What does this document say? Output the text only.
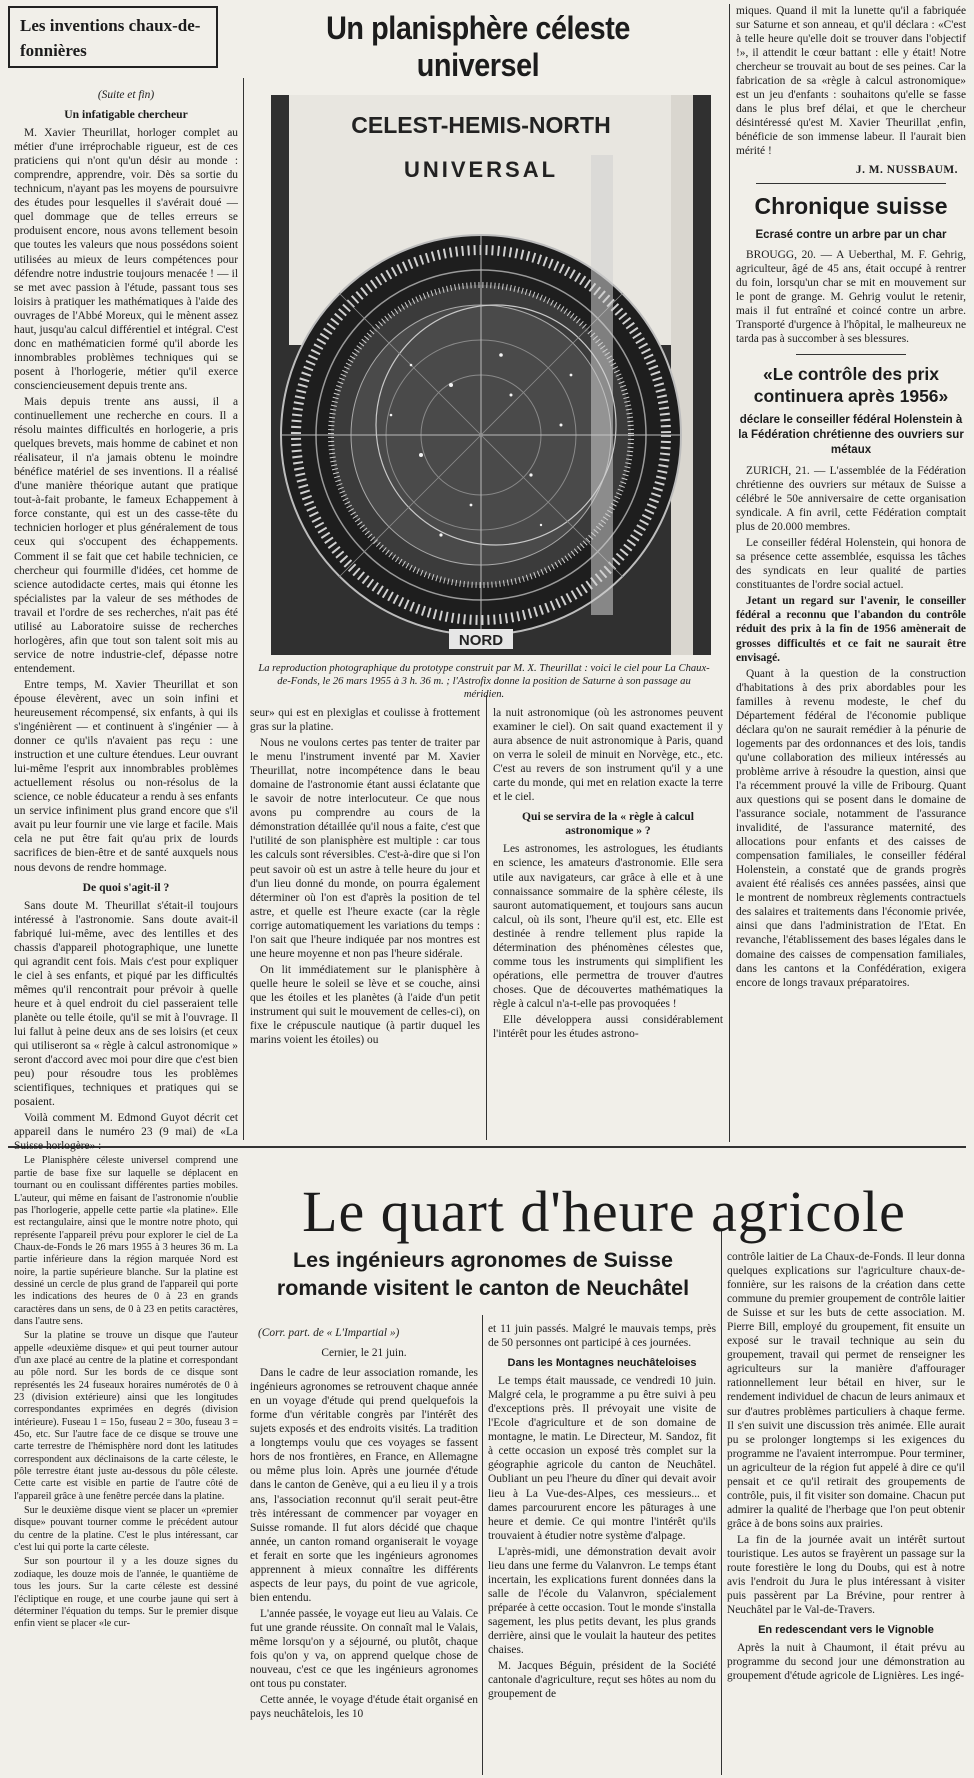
Les inventions chaux-de-fonnières
Un planisphère céleste universel
(Suite et fin)
Un infatigable chercheur

M. Xavier Theurillat, horloger complet au métier d'une irréprochable rigueur, est de ces praticiens qui n'ont qu'un désir au monde : comprendre, apprendre, voir. Dès sa sortie du technicum, n'ayant pas les moyens de poursuivre des études pour lesquelles il s'avérait doué — quel dommage que de telles erreurs se produisent encore, nous avons tellement besoin que toutes les valeurs que nous possédons soient utilisées au mieux de leurs compétences pour défendre notre industrie toujours menacée ! — il se met avec passion à l'étude, passant tous ses loisirs à pratiquer les mathématiques à l'aide des ouvrages de l'Abbé Moreux, qui le mènent assez haut, jusqu'au calcul différentiel et intégral. C'est donc en mathématicien formé qu'il aborde les innombrables problèmes techniques qui se posent à l'horlogerie, métier qu'il exerce consciencieusement depuis trente ans.

Mais depuis trente ans aussi, il a continuellement une recherche en cours. Il a résolu maintes difficultés en horlogerie, a pris quelques brevets, mais homme de cabinet et non réalisateur, il n'a jamais obtenu le moindre bénéfice matériel de ses inventions. Il a réalisé d'une manière théorique autant que pratique tout-à-fait probante, le fameux Echappement à force constante, qui est un des casse-tête du technicien horloger et plus généralement de tous ceux qui s'occupent des échappements. Comment il se fait que cet habile technicien, ce chercheur qui fourmille d'idées, cet homme de science autodidacte certes, mais qui étonne les spécialistes par la valeur de ses méthodes de travail et l'ordre de ses recherches, n'ait pas été utilisé au Laboratoire suisse de recherches horlogères, afin que tout son talent soit mis au service de notre industrie-clef, dépasse notre entendement.

Entre temps, M. Xavier Theurillat et son épouse élevèrent, avec un soin infini et heureusement récompensé, six enfants, à qui ils s'ingénièrent — et continuent à s'ingénier — à donner ce qu'ils n'avaient pas reçu : une instruction et une culture étendues. Leur ouvrant lui-même l'esprit aux innombrables problèmes actuellement résolus ou non-résolus de la science, ce noble éducateur a rendu à ses enfants un service infiniment plus grand encore que s'il avait pu leur fournir une vie large et facile. Mais cela ne put être fait qu'au prix de lourds sacrifices de bien-être et de santé auxquels nous nous devons de rendre hommage.

De quoi s'agit-il ?

Sans doute M. Theurillat s'était-il toujours intéressé à l'astronomie. Sans doute avait-il fabriqué lui-même, avec des lentilles et des chassis d'appareil photographique, une lunette qui agrandit cent fois. Mais c'est pour expliquer le ciel à ses enfants, et piqué par les difficultés mêmes qu'il rencontrait pour prévoir à quelle heure et à quel endroit du ciel passeraient telle planète ou telle étoile, qu'il se mit à l'ouvrage. Il lui fallut à peine deux ans de ses loisirs (et ceux qui utiliseront sa « règle à calcul astronomique » seront d'accord avec moi pour dire que c'est bien peu) pour résoudre tous les problèmes scientifiques, techniques et pratiques qui se posaient.

Voilà comment M. Edmond Guyot décrit cet appareil dans le numéro 23 (9 mai) de «La Suisse horlogère» :

Le Planisphère céleste universel comprend une partie de base fixe sur laquelle se déplacent en tournant ou en coulissant différentes parties mobiles. L'auteur, qui même en faisant de l'astronomie n'oublie pas l'horlogerie, appelle cette partie «la platine». Elle est rectangulaire, ainsi que le montre notre photo, qui représente l'appareil prévu pour explorer le ciel de La Chaux-de-Fonds le 26 mars 1955 à 3 heures 36 m. La partie inférieure dans la région marquée Nord est noire, la partie supérieure blanche. Sur la platine est dessiné un cercle de plus grand de l'appareil qui porte les indications des heures de 0 à 23 en grands caractères dans un sens, de 0 à 23 en petits caractères, dans l'autre sens.

Sur la platine se trouve un disque que l'auteur appelle «deuxième disque» et qui peut tourner autour d'un axe placé au centre de la platine et correspondant au pôle nord. Sur les bords de ce disque sont représentés les 24 fuseaux horaires numérotés de 0 à 23 (division extérieure) ainsi que les longitudes correspondantes exprimées en degrés (division intérieure). Fuseau 1 = 15o, fuseau 2 = 30o, fuseau 3 = 45o, etc. Sur l'autre face de ce disque se trouve une carte terrestre de l'hémisphère nord dont les latitudes correspondent aux déclinaisons de la carte céleste, le pôle terrestre étant juste au-dessous du pôle céleste. Cette carte est visible en partie de l'autre côté de l'appareil grâce à une fenêtre percée dans la platine.

Sur le deuxième disque vient se placer un «premier disque» pouvant tourner comme le précédent autour du centre de la platine. C'est le plus intéressant, car c'est lui qui porte la carte céleste.

Sur son pourtour il y a les douze signes du zodiaque, les douze mois de l'année, le quantième de tous les jours. Sur la carte céleste est dessiné l'écliptique en rouge, et une courbe jaune qui sert à déterminer l'équation du temps. Sur le premier disque enfin vient se placer «le cur-

CELEST-HEMIS-NORTH
UNIVERSAL
NORD
La reproduction photographique du prototype construit par M. X. Theurillat : voici le ciel pour La Chaux-de-Fonds, le 26 mars 1955 à 3 h. 36 m. ; l'Astrofix donne la position de Saturne à son passage au méridien.

seur» qui est en plexiglas et coulisse à frottement gras sur la platine.

Nous ne voulons certes pas tenter de traiter par le menu l'instrument inventé par M. Xavier Theurillat, notre incompétence dans le beau domaine de l'astronomie étant aussi éclatante que le savoir de notre interlocuteur. Ce que nous avons pu comprendre au cours de la démonstration détaillée qu'il nous a faite, c'est que l'utilité de son planisphère est multiple : car tous les calculs sont réversibles. C'est-à-dire que si l'on peut savoir où est un astre à telle heure du jour et d'un lieu donné du monde, on pourra également déterminer où l'on est d'après la position de tel astre, et quelle est l'heure exacte (car la règle corrige automatiquement les variations du temps : l'on sait que l'heure indiquée par nos montres est une heure moyenne et non pas l'heure sidérale.

On lit immédiatement sur le planisphère à quelle heure le soleil se lève et se couche, ainsi que les étoiles et les planètes (à l'aide d'un petit instrument qui suit le mouvement de celles-ci), on fixe le crépuscule nautique (à partir duquel les marins voient les étoiles) ou

la nuit astronomique (où les astronomes peuvent examiner le ciel). On sait quand exactement il y aura absence de nuit astronomique à Paris, quand on verra le soleil de minuit en Norvège, etc., etc. C'est au revers de son instrument qu'il y a une carte du monde, qui met en relation exacte la terre et le ciel.

Qui se servira de la « règle à calcul astronomique » ?

Les astronomes, les astrologues, les étudiants en science, les amateurs d'astronomie. Elle sera utile aux navigateurs, car grâce à elle et à une connaissance sommaire de la sphère céleste, ils sauront automatiquement, et toujours sans aucun calcul, où ils sont, l'heure qu'il est, etc. Elle est destinée à rendre tellement plus rapide la détermination des phénomènes célestes que, comme tous les instruments qui simplifient les opérations, elle permettra de trouver d'autres choses. Que de découvertes mathématiques la règle à calcul n'a-t-elle pas provoquées !

Elle développera aussi considérablement l'intérêt pour les études astrono-

miques. Quand il mit la lunette qu'il a fabriquée sur Saturne et son anneau, et qu'il déclara : «C'est à telle heure qu'elle doit se trouver dans l'objectif !», il attendit le cœur battant : elle y était! Notre chercheur se trouvait au bout de ses peines. Car la fabrication de sa «règle à calcul astronomique» est un jeu d'enfants : souhaitons qu'elle se fasse dans le plus bref délai, et que le chercheur désintéressé qu'est M. Xavier Theurillat ,enfin, bénéficie de son immense labeur. Il l'aurait bien mérité !

J. M. NUSSBAUM.
Chronique suisse
Ecrasé contre un arbre par un char

BROUGG, 20. — A Ueberthal, M. F. Gehrig, agriculteur, âgé de 45 ans, était occupé à rentrer du foin, lorsqu'un char se mit en mouvement sur le pont de grange. M. Gehrig voulut le retenir, mais il fut entraîné et coincé contre un arbre. Transporté d'urgence à l'hôpital, le malheureux ne tarda pas à succomber à ses blessures.

«Le contrôle des prix continuera après 1956»
déclare le conseiller fédéral Holenstein à la Fédération chrétienne des ouvriers sur métaux

ZURICH, 21. — L'assemblée de la Fédération chrétienne des ouvriers sur métaux de Suisse a célébré le 50e anniversaire de cette organisation syndicale. A fin avril, cette Fédération comptait plus de 20.000 membres.

Le conseiller fédéral Holenstein, qui honora de sa présence cette assemblée, esquissa les tâches des syndicats en leur qualité de parties constituantes de l'ordre social actuel.

Jetant un regard sur l'avenir, le conseiller fédéral a reconnu que l'abandon du contrôle réduit des prix à la fin de 1956 amènerait de grosses difficultés et ce fait ne saurait être envisagé.

Quant à la question de la construction d'habitations à des prix abordables pour les familles à revenu modeste, le chef du Département fédéral de l'économie publique déclara qu'on ne saurait remédier à la pénurie de logements par des ordonnances et des lois, tandis qu'une collaboration des milieux intéressés au problème arrive à résoudre la question, ainsi que l'a récemment prouvé la ville de Fribourg. Quant aux questions qui se posent dans le domaine de l'assurance sociale, notamment de l'assurance invalidité, de l'assurance maternité, des allocations pour enfants et des caisses de compensation familiales, le conseiller fédéral Holenstein, a constaté que de grands progrès avaient été réalisés ces années passées, ainsi que le montrent de nombreux règlements contractuels des salaires et traitements dans l'économie privée, ainsi que dans l'administration de l'Etat. En revanche, l'établissement des bases légales dans le domaine des caisses de compensation familiales, dans les cantons et la Confédération, exigera encore de longs travaux préparatoires.

Le quart d'heure agricole
Les ingénieurs agronomes de Suisse romande visitent le canton de Neuchâtel
(Corr. part. de « L'Impartial »)
Cernier, le 21 juin.

Dans le cadre de leur association romande, les ingénieurs agronomes se retrouvent chaque année en un voyage d'étude qui prend quelquefois la forme d'un véritable congrès par l'intérêt des sujets exposés et des endroits visités. La tradition a longtemps voulu que ces voyages se fassent hors de nos frontières, en France, en Allemagne ou même plus loin. Après une journée d'étude dans le canton de Genève, qui a eu lieu il y a trois ans, l'association reconnut qu'il serait peut-être très intéressant de commencer par voyager en Suisse romande. Il fut alors décidé que chaque année, un canton romand organiserait le voyage et ferait en sorte que les ingénieurs agronomes apprennent à mieux connaître les différents aspects de leur pays, du point de vue agricole, bien entendu.

L'année passée, le voyage eut lieu au Valais. Ce fut une grande réussite. On connaît mal le Valais, même lorsqu'on y a séjourné, ou plutôt, chaque fois qu'on y va, on apprend quelque chose de nouveau, c'est ce que les ingénieurs agronomes ont tous pu constater.

Cette année, le voyage d'étude était organisé en pays neuchâtelois, les 10

et 11 juin passés. Malgré le mauvais temps, près de 50 personnes ont participé à ces journées.

Dans les Montagnes neuchâteloises

Le temps était maussade, ce vendredi 10 juin. Malgré cela, le programme a pu être suivi à peu d'exceptions près. Il prévoyait une visite de l'Ecole d'agriculture et de son domaine de montagne, le matin. Le Directeur, M. Sandoz, fit à cette occasion un exposé très complet sur la géographie agricole du canton de Neuchâtel. Oubliant un peu l'heure du dîner qui devait avoir lieu à La Vue-des-Alpes, ces messieurs... et dames parcoururent encore les pâturages à une heure et demie. Ce qui montre l'intérêt qu'ils trouvaient à étudier notre système d'alpage.

L'après-midi, une démonstration devait avoir lieu dans une ferme du Valanvron. Le temps étant incertain, les explications furent données dans la salle de l'école du Valanvron, spécialement préparée à cette occasion. Tout le monde s'installa sagement, les plus petits devant, les plus grands derrière, ainsi que le voulait la hauteur des petites chaises.

M. Jacques Béguin, président de la Société cantonale d'agriculture, reçut ses hôtes au nom du groupement de

contrôle laitier de La Chaux-de-Fonds. Il leur donna quelques explications sur l'agriculture chaux-de-fonnière, sur les raisons de la création dans cette commune du premier groupement de contrôle laitier de Suisse et sur les buts de cette association. M. Pierre Bill, employé du groupement, fit ensuite un exposé sur le travail technique au sein du groupement, travail qui permet de renseigner les agriculteurs sur la manière d'affourager rationnellement leur bétail en hiver, sur le rendement individuel de chacun de leurs animaux et sur d'autres problèmes particuliers à chaque ferme. Il s'en suivit une discussion très animée. Elle aurait pu se prolonger longtemps si les exigences du programme ne l'avaient interrompue. Pour terminer, un agriculteur de la région fut appelé à dire ce qu'il pensait et ce qu'il retirait des groupements de contrôle, puis, il fit visiter son domaine. Chacun put admirer la qualité de l'herbage que l'on peut obtenir grâce à de bons soins aux prairies.

La fin de la journée avait un intérêt surtout touristique. Les autos se frayèrent un passage sur la route forestière le long du Doubs, qui est à notre avis l'endroit du Jura le plus intéressant à visiter puis passèrent par La Brévine, pour rentrer à Neuchâtel par le Val-de-Travers.

En redescendant vers le Vignoble

Après la nuit à Chaumont, il était prévu au programme du second jour une démonstration au groupement d'étude agricole de Lignières. Les ingé-
